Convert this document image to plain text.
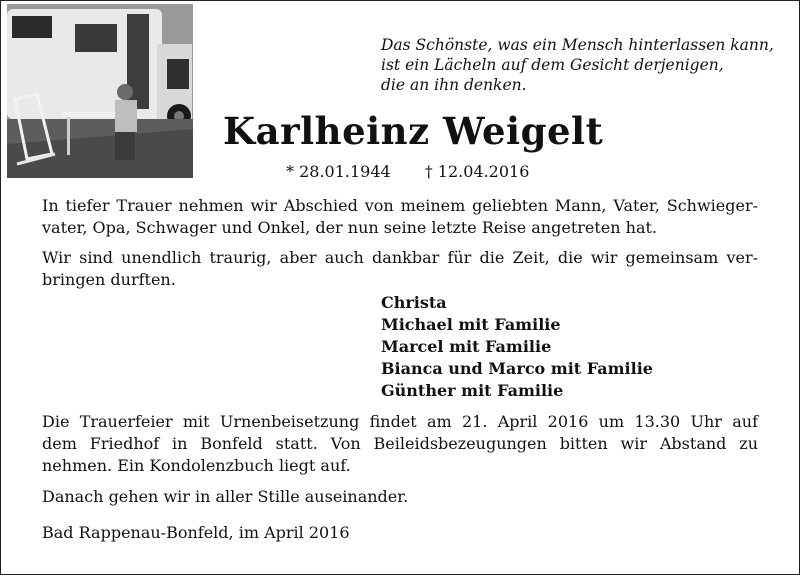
Das Schönste, was ein Mensch hinterlassen kann,
ist ein Lächeln auf dem Gesicht derjenigen,
die an ihn denken.
Karlheinz Weigelt
* 28.01.1944 † 12.04.2016
In tiefer Trauer nehmen wir Abschied von meinem geliebten Mann, Vater, Schwieger-
vater, Opa, Schwager und Onkel, der nun seine letzte Reise angetreten hat.
Wir sind unendlich traurig, aber auch dankbar für die Zeit, die wir gemeinsam ver-
bringen durften.
Christa
Michael mit Familie
Marcel mit Familie
Bianca und Marco mit Familie
Günther mit Familie
Die Trauerfeier mit Urnenbeisetzung findet am 21. April 2016 um 13.30 Uhr auf
dem Friedhof in Bonfeld statt. Von Beileidsbezeugungen bitten wir Abstand zu
nehmen. Ein Kondolenzbuch liegt auf.
Danach gehen wir in aller Stille auseinander.
Bad Rappenau-Bonfeld, im April 2016
